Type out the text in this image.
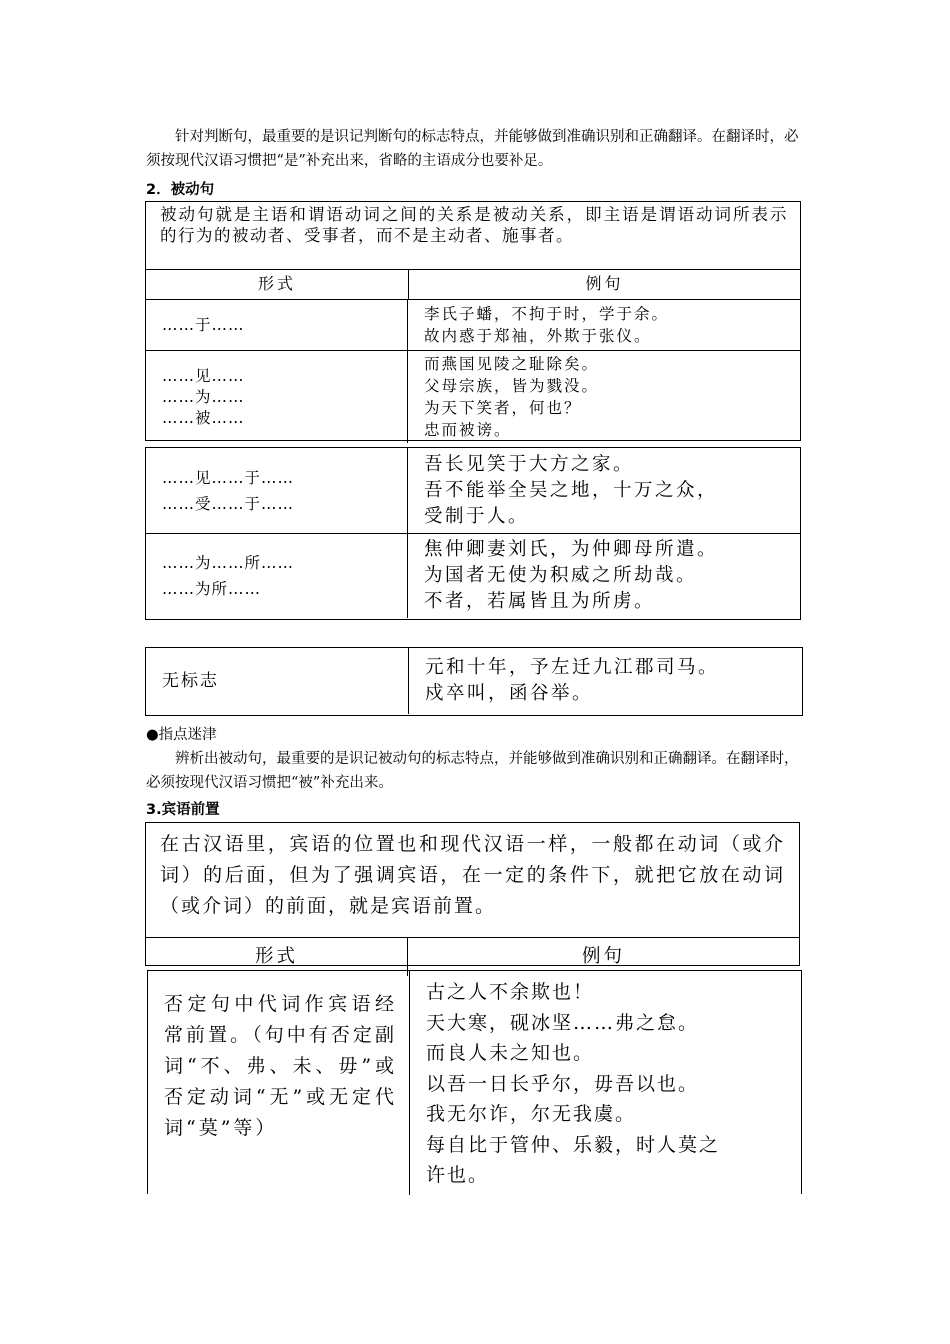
针对判断句，最重要的是识记判断句的标志特点，并能够做到准确识别和正确翻译。在翻译时，必须按现代汉语习惯把“是”补充出来，省略的主语成分也要补足。

2．被动句

被动句就是主语和谓语动词之间的关系是被动关系，即主语是谓语动词所表示的行为的被动者、受事者，而不是主动者、施事者。
形式	例句
……于……
李氏子蟠，不拘于时，学于余。
故内惑于郑袖，外欺于张仪。
……见……
……为……
……被……
而燕国见陵之耻除矣。
父母宗族，皆为戮没。
为天下笑者，何也？
忠而被谤。
……见……于……
……受……于……
吾长见笑于大方之家。
吾不能举全吴之地，十万之众，
受制于人。
……为……所……
……为所……
焦仲卿妻刘氏，为仲卿母所遣。
为国者无使为积威之所劫哉。
不者，若属皆且为所虏。
无标志
元和十年，予左迁九江郡司马。
戍卒叫，函谷举。

●指点迷津

辨析出被动句，最重要的是识记被动句的标志特点，并能够做到准确识别和正确翻译。在翻译时，必须按现代汉语习惯把“被”补充出来。

3.宾语前置

在古汉语里，宾语的位置也和现代汉语一样，一般都在动词（或介词）的后面，但为了强调宾语，在一定的条件下，就把它放在动词（或介词）的前面，就是宾语前置。
形式	例句
否定句中代词作宾语经常前置。（句中有否定副词“不、弗、未、毋”或否定动词“无”或无定代词“莫”等）
古之人不余欺也！
天大寒，砚冰坚……弗之怠。
而良人未之知也。
以吾一日长乎尔，毋吾以也。
我无尔诈，尔无我虞。
每自比于管仲、乐毅，时人莫之
许也。
